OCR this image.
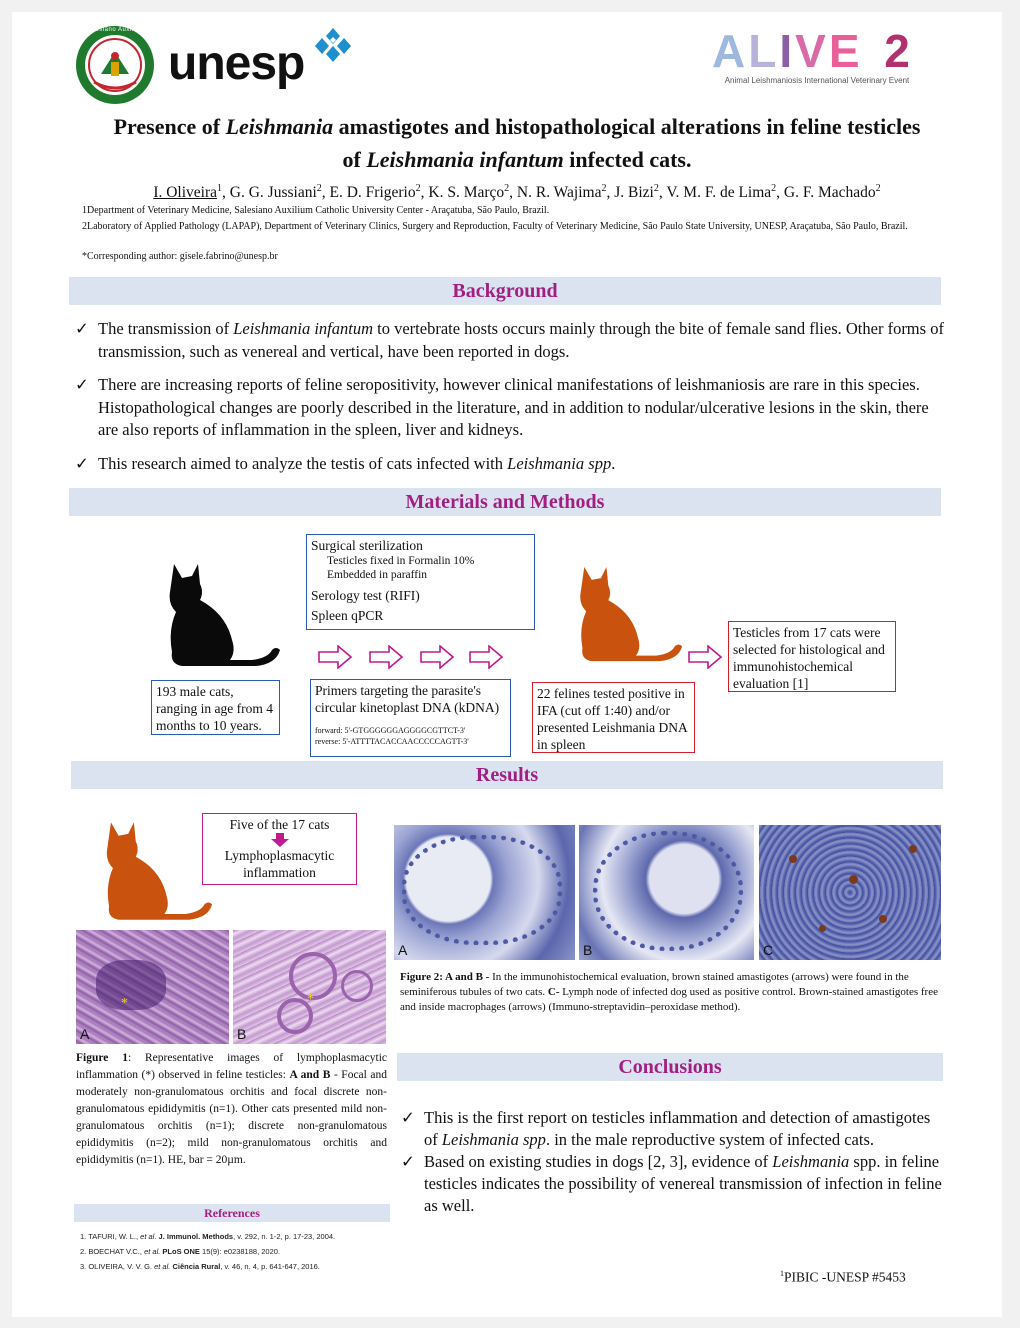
Salesiano Auxilium
unesp	ALIVE 2
Animal Leishmaniosis International Veterinary Event
Presence of Leishmania amastigotes and histopathological alterations in feline testicles
of Leishmania infantum infected cats.
I. Oliveira$^1$, G. G. Jussiani$^2$, E. D. Frigerio$^2$, K. S. Março$^2$, N. R. Wajima$^2$, J. Bizi$^2$, V. M. F. de Lima$^2$, G. F. Machado$^2$
1Department of Veterinary Medicine, Salesiano Auxilium Catholic University Center - Araçatuba, São Paulo, Brazil.
2Laboratory of Applied Pathology (LAPAP), Department of Veterinary Clinics, Surgery and Reproduction, Faculty of Veterinary Medicine, São Paulo State University, UNESP, Araçatuba, São Paulo, Brazil.
*Corresponding author: gisele.fabrino@unesp.br
Background
✓ The transmission of Leishmania infantum to vertebrate hosts occurs mainly through the bite of female sand flies. Other forms of transmission, such as venereal and vertical, have been reported in dogs.
✓ There are increasing reports of feline seropositivity, however clinical manifestations of leishmaniosis are rare in this species. Histopathological changes are poorly described in the literature, and in addition to nodular/ulcerative lesions in the skin, there are also reports of inflammation in the spleen, liver and kidneys.
✓ This research aimed to analyze the testis of cats infected with Leishmania spp.
Materials and Methods
193 male cats, ranging in age from 4 months to 10 years.
Surgical sterilization
Testicles fixed in Formalin 10%
Embedded in paraffin
Serology test (RIFI)
Spleen qPCR
Primers targeting the parasite's circular kinetoplast DNA (kDNA)
forward: 5'-GTGGGGGGAGGGGCGTTCT-3'
reverse: 5'-ATTTTACACCAACCCCCAGTT-3'
22 felines tested positive in IFA (cut off 1:40) and/or presented Leishmania DNA in spleen
Testicles from 17 cats were selected for histological and immunohistochemical evaluation [1]
Results
Five of the 17 cats
Lymphoplasmacytic inflammation
*
A
*
B
Figure 1: Representative images of lymphoplasmacytic inflammation (*) observed in feline testicles: A and B - Focal and moderately non-granulomatous orchitis and focal discrete non-granulomatous epididymitis (n=1). Other cats presented mild non-granulomatous orchitis (n=1); discrete non-granulomatous epididymitis (n=2); mild non-granulomatous orchitis and epididymitis (n=1). HE, bar = 20µm.
References
1. TAFURI, W. L., et al. J. Immunol. Methods, v. 292, n. 1-2, p. 17-23, 2004.
2. BOECHAT V.C., et al. PLoS ONE 15(9): e0238188, 2020.
3. OLIVEIRA, V. V. G. et al. Ciência Rural, v. 46, n. 4, p. 641-647, 2016.
A	B	C
Figure 2: A and B - In the immunohistochemical evaluation, brown stained amastigotes (arrows) were found in the seminiferous tubules of two cats. C- Lymph node of infected dog used as positive control. Brown-stained amastigotes free and inside macrophages (arrows) (Immuno-streptavidin–peroxidase method).
Conclusions
✓ This is the first report on testicles inflammation and detection of amastigotes of Leishmania spp. in the male reproductive system of infected cats.
✓ Based on existing studies in dogs [2, 3], evidence of Leishmania spp. in feline testicles indicates the possibility of venereal transmission of infection in feline as well.
$^1$PIBIC -UNESP #5453
